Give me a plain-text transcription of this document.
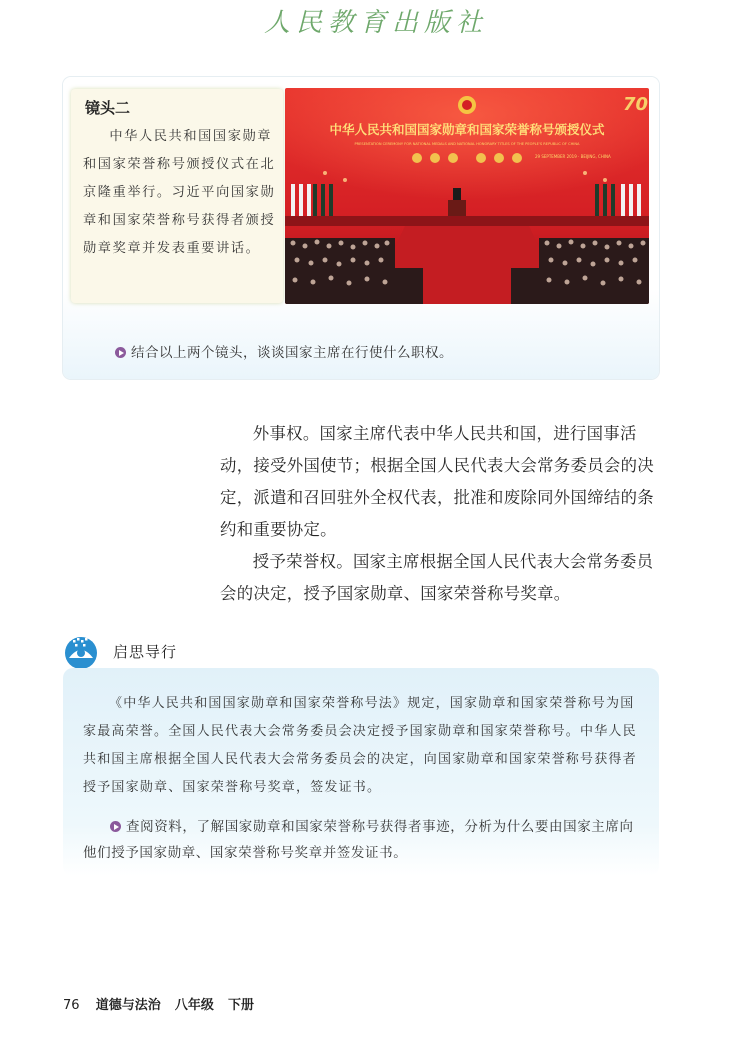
人民教育出版社
镜头二

中华人民共和国国家勋章和国家荣誉称号颁授仪式在北京隆重举行。习近平向国家勋章和国家荣誉称号获得者颁授勋章奖章并发表重要讲话。

70
中华人民共和国国家勋章和国家荣誉称号颁授仪式
PRESENTATION CEREMONY FOR NATIONAL MEDALS AND NATIONAL HONORARY TITLES OF THE PEOPLE'S REPUBLIC OF CHINA
29 SEPTEMBER 2019 · BEIJING, CHINA
结合以上两个镜头，谈谈国家主席在行使什么职权。

外事权。国家主席代表中华人民共和国，进行国事活动，接受外国使节；根据全国人民代表大会常务委员会的决定，派遣和召回驻外全权代表，批准和废除同外国缔结的条约和重要协定。

授予荣誉权。国家主席根据全国人民代表大会常务委员会的决定，授予国家勋章、国家荣誉称号奖章。

启思导行

《中华人民共和国国家勋章和国家荣誉称号法》规定，国家勋章和国家荣誉称号为国家最高荣誉。全国人民代表大会常务委员会决定授予国家勋章和国家荣誉称号。中华人民共和国主席根据全国人民代表大会常务委员会的决定，向国家勋章和国家荣誉称号获得者授予国家勋章、国家荣誉称号奖章，签发证书。

查阅资料，了解国家勋章和国家荣誉称号获得者事迹，分析为什么要由国家主席向他们授予国家勋章、国家荣誉称号奖章并签发证书。

76 道德与法治 八年级 下册
